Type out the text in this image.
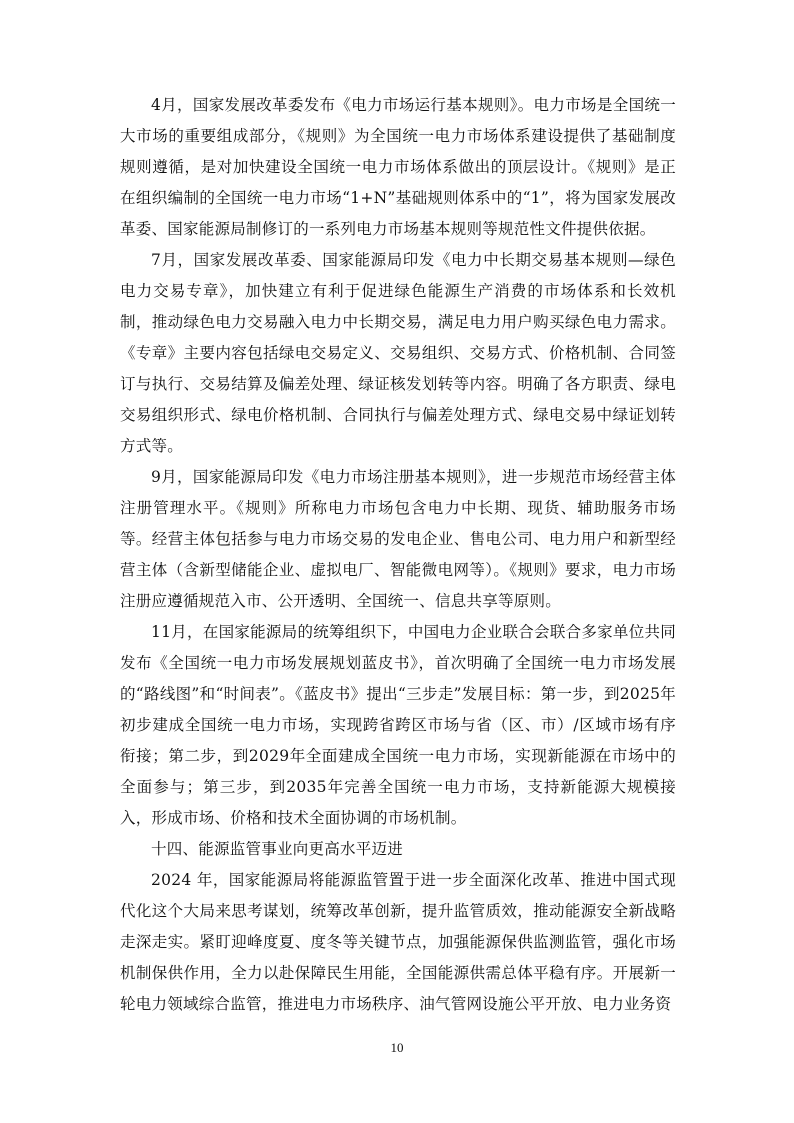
4月，国家发展改革委发布《电力市场运行基本规则》。电力市场是全国统一大市场的重要组成部分，《规则》为全国统一电力市场体系建设提供了基础制度规则遵循，是对加快建设全国统一电力市场体系做出的顶层设计。《规则》是正在组织编制的全国统一电力市场“1+N”基础规则体系中的“1”，将为国家发展改革委、国家能源局制修订的一系列电力市场基本规则等规范性文件提供依据。

7月，国家发展改革委、国家能源局印发《电力中长期交易基本规则—绿色电力交易专章》，加快建立有利于促进绿色能源生产消费的市场体系和长效机制，推动绿色电力交易融入电力中长期交易，满足电力用户购买绿色电力需求。《专章》主要内容包括绿电交易定义、交易组织、交易方式、价格机制、合同签订与执行、交易结算及偏差处理、绿证核发划转等内容。明确了各方职责、绿电交易组织形式、绿电价格机制、合同执行与偏差处理方式、绿电交易中绿证划转方式等。

9月，国家能源局印发《电力市场注册基本规则》，进一步规范市场经营主体注册管理水平。《规则》所称电力市场包含电力中长期、现货、辅助服务市场等。经营主体包括参与电力市场交易的发电企业、售电公司、电力用户和新型经营主体（含新型储能企业、虚拟电厂、智能微电网等）。《规则》要求，电力市场注册应遵循规范入市、公开透明、全国统一、信息共享等原则。

11月，在国家能源局的统筹组织下，中国电力企业联合会联合多家单位共同发布《全国统一电力市场发展规划蓝皮书》，首次明确了全国统一电力市场发展的“路线图”和“时间表”。《蓝皮书》提出“三步走”发展目标：第一步，到2025年初步建成全国统一电力市场，实现跨省跨区市场与省（区、市）/区域市场有序衔接；第二步，到2029年全面建成全国统一电力市场，实现新能源在市场中的全面参与；第三步，到2035年完善全国统一电力市场，支持新能源大规模接入，形成市场、价格和技术全面协调的市场机制。

十四、能源监管事业向更高水平迈进

2024 年，国家能源局将能源监管置于进一步全面深化改革、推进中国式现代化这个大局来思考谋划，统筹改革创新，提升监管质效，推动能源安全新战略走深走实。紧盯迎峰度夏、度冬等关键节点，加强能源保供监测监管，强化市场机制保供作用，全力以赴保障民生用能，全国能源供需总体平稳有序。开展新一轮电力领域综合监管，推进电力市场秩序、油气管网设施公平开放、电力业务资

10
